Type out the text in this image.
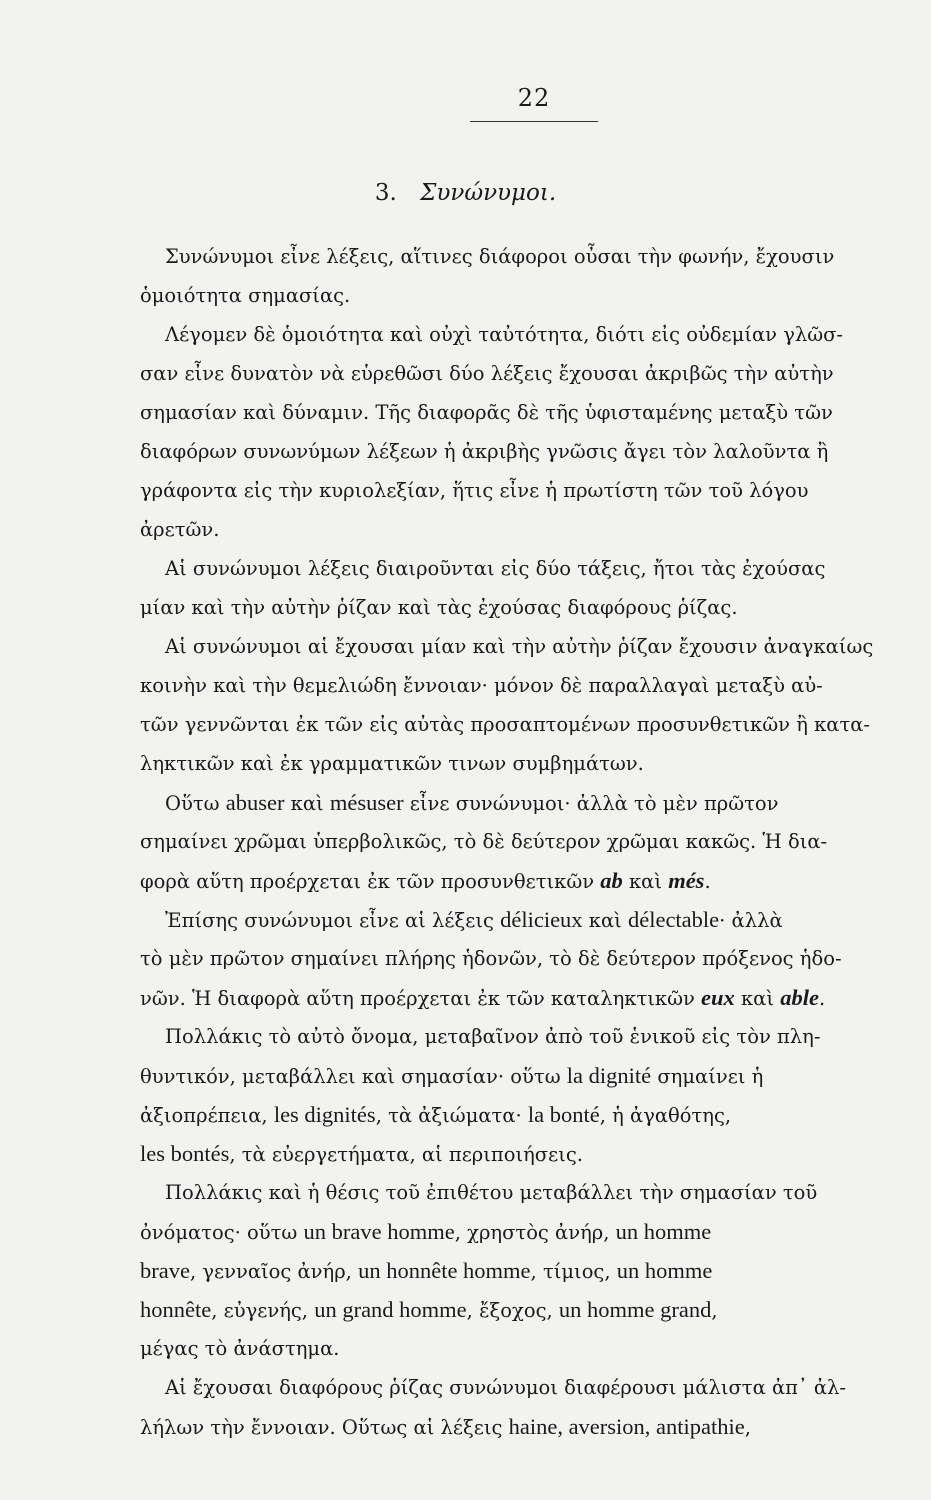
22
3. Συνώνυμοι.
Συνώνυμοι εἶνε λέξεις, αἵτινες διάφοροι οὖσαι τὴν φωνήν, ἔχουσιν
ὁμοιότητα σημασίας.
Λέγομεν δὲ ὁμοιότητα καὶ οὐχὶ ταὐτότητα, διότι εἰς οὐδεμίαν γλῶσ-
σαν εἶνε δυνατὸν νὰ εὑρεθῶσι δύο λέξεις ἔχουσαι ἀκριβῶς τὴν αὐτὴν
σημασίαν καὶ δύναμιν. Τῆς διαφορᾶς δὲ τῆς ὑφισταμένης μεταξὺ τῶν
διαφόρων συνωνύμων λέξεων ἡ ἀκριβὴς γνῶσις ἄγει τὸν λαλοῦντα ἢ
γράφοντα εἰς τὴν κυριολεξίαν, ἥτις εἶνε ἡ πρωτίστη τῶν τοῦ λόγου
ἀρετῶν.
Αἱ συνώνυμοι λέξεις διαιροῦνται εἰς δύο τάξεις, ἤτοι τὰς ἐχούσας
μίαν καὶ τὴν αὐτὴν ῥίζαν καὶ τὰς ἐχούσας διαφόρους ῥίζας.
Αἱ συνώνυμοι αἱ ἔχουσαι μίαν καὶ τὴν αὐτὴν ῥίζαν ἔχουσιν ἀναγκαίως
κοινὴν καὶ τὴν θεμελιώδη ἔννοιαν· μόνον δὲ παραλλαγαὶ μεταξὺ αὐ-
τῶν γεννῶνται ἐκ τῶν εἰς αὐτὰς προσαπτομένων προσυνθετικῶν ἢ κατα-
ληκτικῶν καὶ ἐκ γραμματικῶν τινων συμβημάτων.
Οὕτω abuser καὶ mésuser εἶνε συνώνυμοι· ἀλλὰ τὸ μὲν πρῶτον
σημαίνει χρῶμαι ὑπερβολικῶς, τὸ δὲ δεύτερον χρῶμαι κακῶς. Ἡ δια-
φορὰ αὕτη προέρχεται ἐκ τῶν προσυνθετικῶν ab καὶ més.
Ἐπίσης συνώνυμοι εἶνε αἱ λέξεις délicieux καὶ délectable· ἀλλὰ
τὸ μὲν πρῶτον σημαίνει πλήρης ἡδονῶν, τὸ δὲ δεύτερον πρόξενος ἡδο-
νῶν. Ἡ διαφορὰ αὕτη προέρχεται ἐκ τῶν καταληκτικῶν eux καὶ able.
Πολλάκις τὸ αὐτὸ ὄνομα, μεταβαῖνον ἀπὸ τοῦ ἑνικοῦ εἰς τὸν πλη-
θυντικόν, μεταβάλλει καὶ σημασίαν· οὕτω la dignité σημαίνει ἡ
ἀξιοπρέπεια, les dignités, τὰ ἀξιώματα· la bonté, ἡ ἀγαθότης,
les bontés, τὰ εὐεργετήματα, αἱ περιποιήσεις.
Πολλάκις καὶ ἡ θέσις τοῦ ἐπιθέτου μεταβάλλει τὴν σημασίαν τοῦ
ὀνόματος· οὕτω un brave homme, χρηστὸς ἀνήρ, un homme
brave, γενναῖος ἀνήρ, un honnête homme, τίμιος, un homme
honnête, εὐγενής, un grand homme, ἔξοχος, un homme grand,
μέγας τὸ ἀνάστημα.
Αἱ ἔχουσαι διαφόρους ῥίζας συνώνυμοι διαφέρουσι μάλιστα ἀπ᾿ ἀλ-
λήλων τὴν ἔννοιαν. Οὕτως αἱ λέξεις haine, aversion, antipathie,
